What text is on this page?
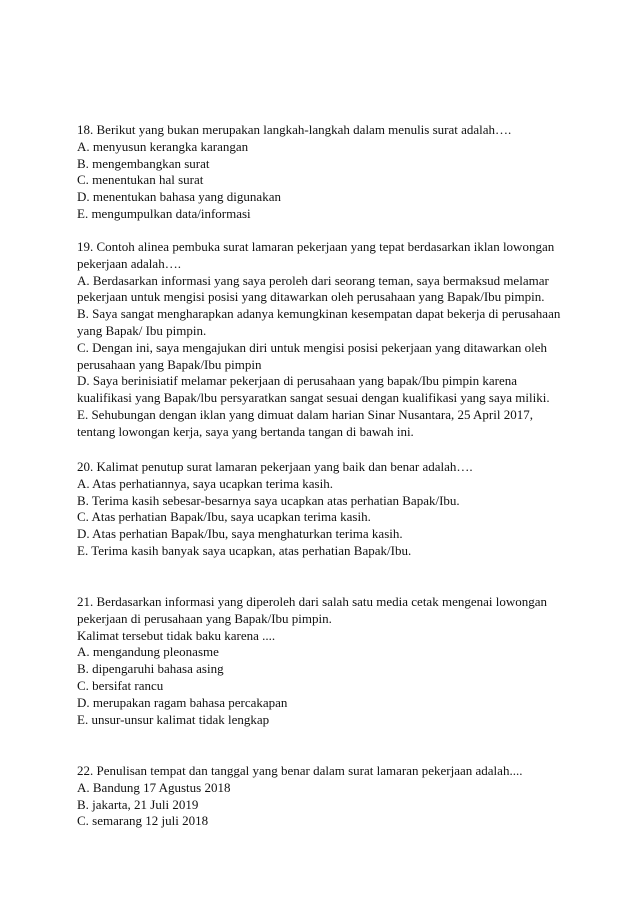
18. Berikut yang bukan merupakan langkah-langkah dalam menulis surat adalah….
A. menyusun kerangka karangan
B. mengembangkan surat
C. menentukan hal surat
D. menentukan bahasa yang digunakan
E. mengumpulkan data/informasi
19. Contoh alinea pembuka surat lamaran pekerjaan yang tepat berdasarkan iklan lowongan
pekerjaan adalah….
A. Berdasarkan informasi yang saya peroleh dari seorang teman, saya bermaksud melamar
pekerjaan untuk mengisi posisi yang ditawarkan oleh perusahaan yang Bapak/Ibu pimpin.
B. Saya sangat mengharapkan adanya kemungkinan kesempatan dapat bekerja di perusahaan
yang Bapak/ Ibu pimpin.
C. Dengan ini, saya mengajukan diri untuk mengisi posisi pekerjaan yang ditawarkan oleh
perusahaan yang Bapak/Ibu pimpin
D. Saya berinisiatif melamar pekerjaan di perusahaan yang bapak/Ibu pimpin karena
kualifikasi yang Bapak/lbu persyaratkan sangat sesuai dengan kualifikasi yang saya miliki.
E. Sehubungan dengan iklan yang dimuat dalam harian Sinar Nusantara, 25 April 2017,
tentang lowongan kerja, saya yang bertanda tangan di bawah ini.
20. Kalimat penutup surat lamaran pekerjaan yang baik dan benar adalah….
A. Atas perhatiannya, saya ucapkan terima kasih.
B. Terima kasih sebesar-besarnya saya ucapkan atas perhatian Bapak/Ibu.
C. Atas perhatian Bapak/Ibu, saya ucapkan terima kasih.
D. Atas perhatian Bapak/Ibu, saya menghaturkan terima kasih.
E. Terima kasih banyak saya ucapkan, atas perhatian Bapak/Ibu.
21. Berdasarkan informasi yang diperoleh dari salah satu media cetak mengenai lowongan
pekerjaan di perusahaan yang Bapak/Ibu pimpin.
Kalimat tersebut tidak baku karena ....
A. mengandung pleonasme
B. dipengaruhi bahasa asing
C. bersifat rancu
D. merupakan ragam bahasa percakapan
E. unsur-unsur kalimat tidak lengkap
22. Penulisan tempat dan tanggal yang benar dalam surat lamaran pekerjaan adalah....
A. Bandung 17 Agustus 2018
B. jakarta, 21 Juli 2019
C. semarang 12 juli 2018
